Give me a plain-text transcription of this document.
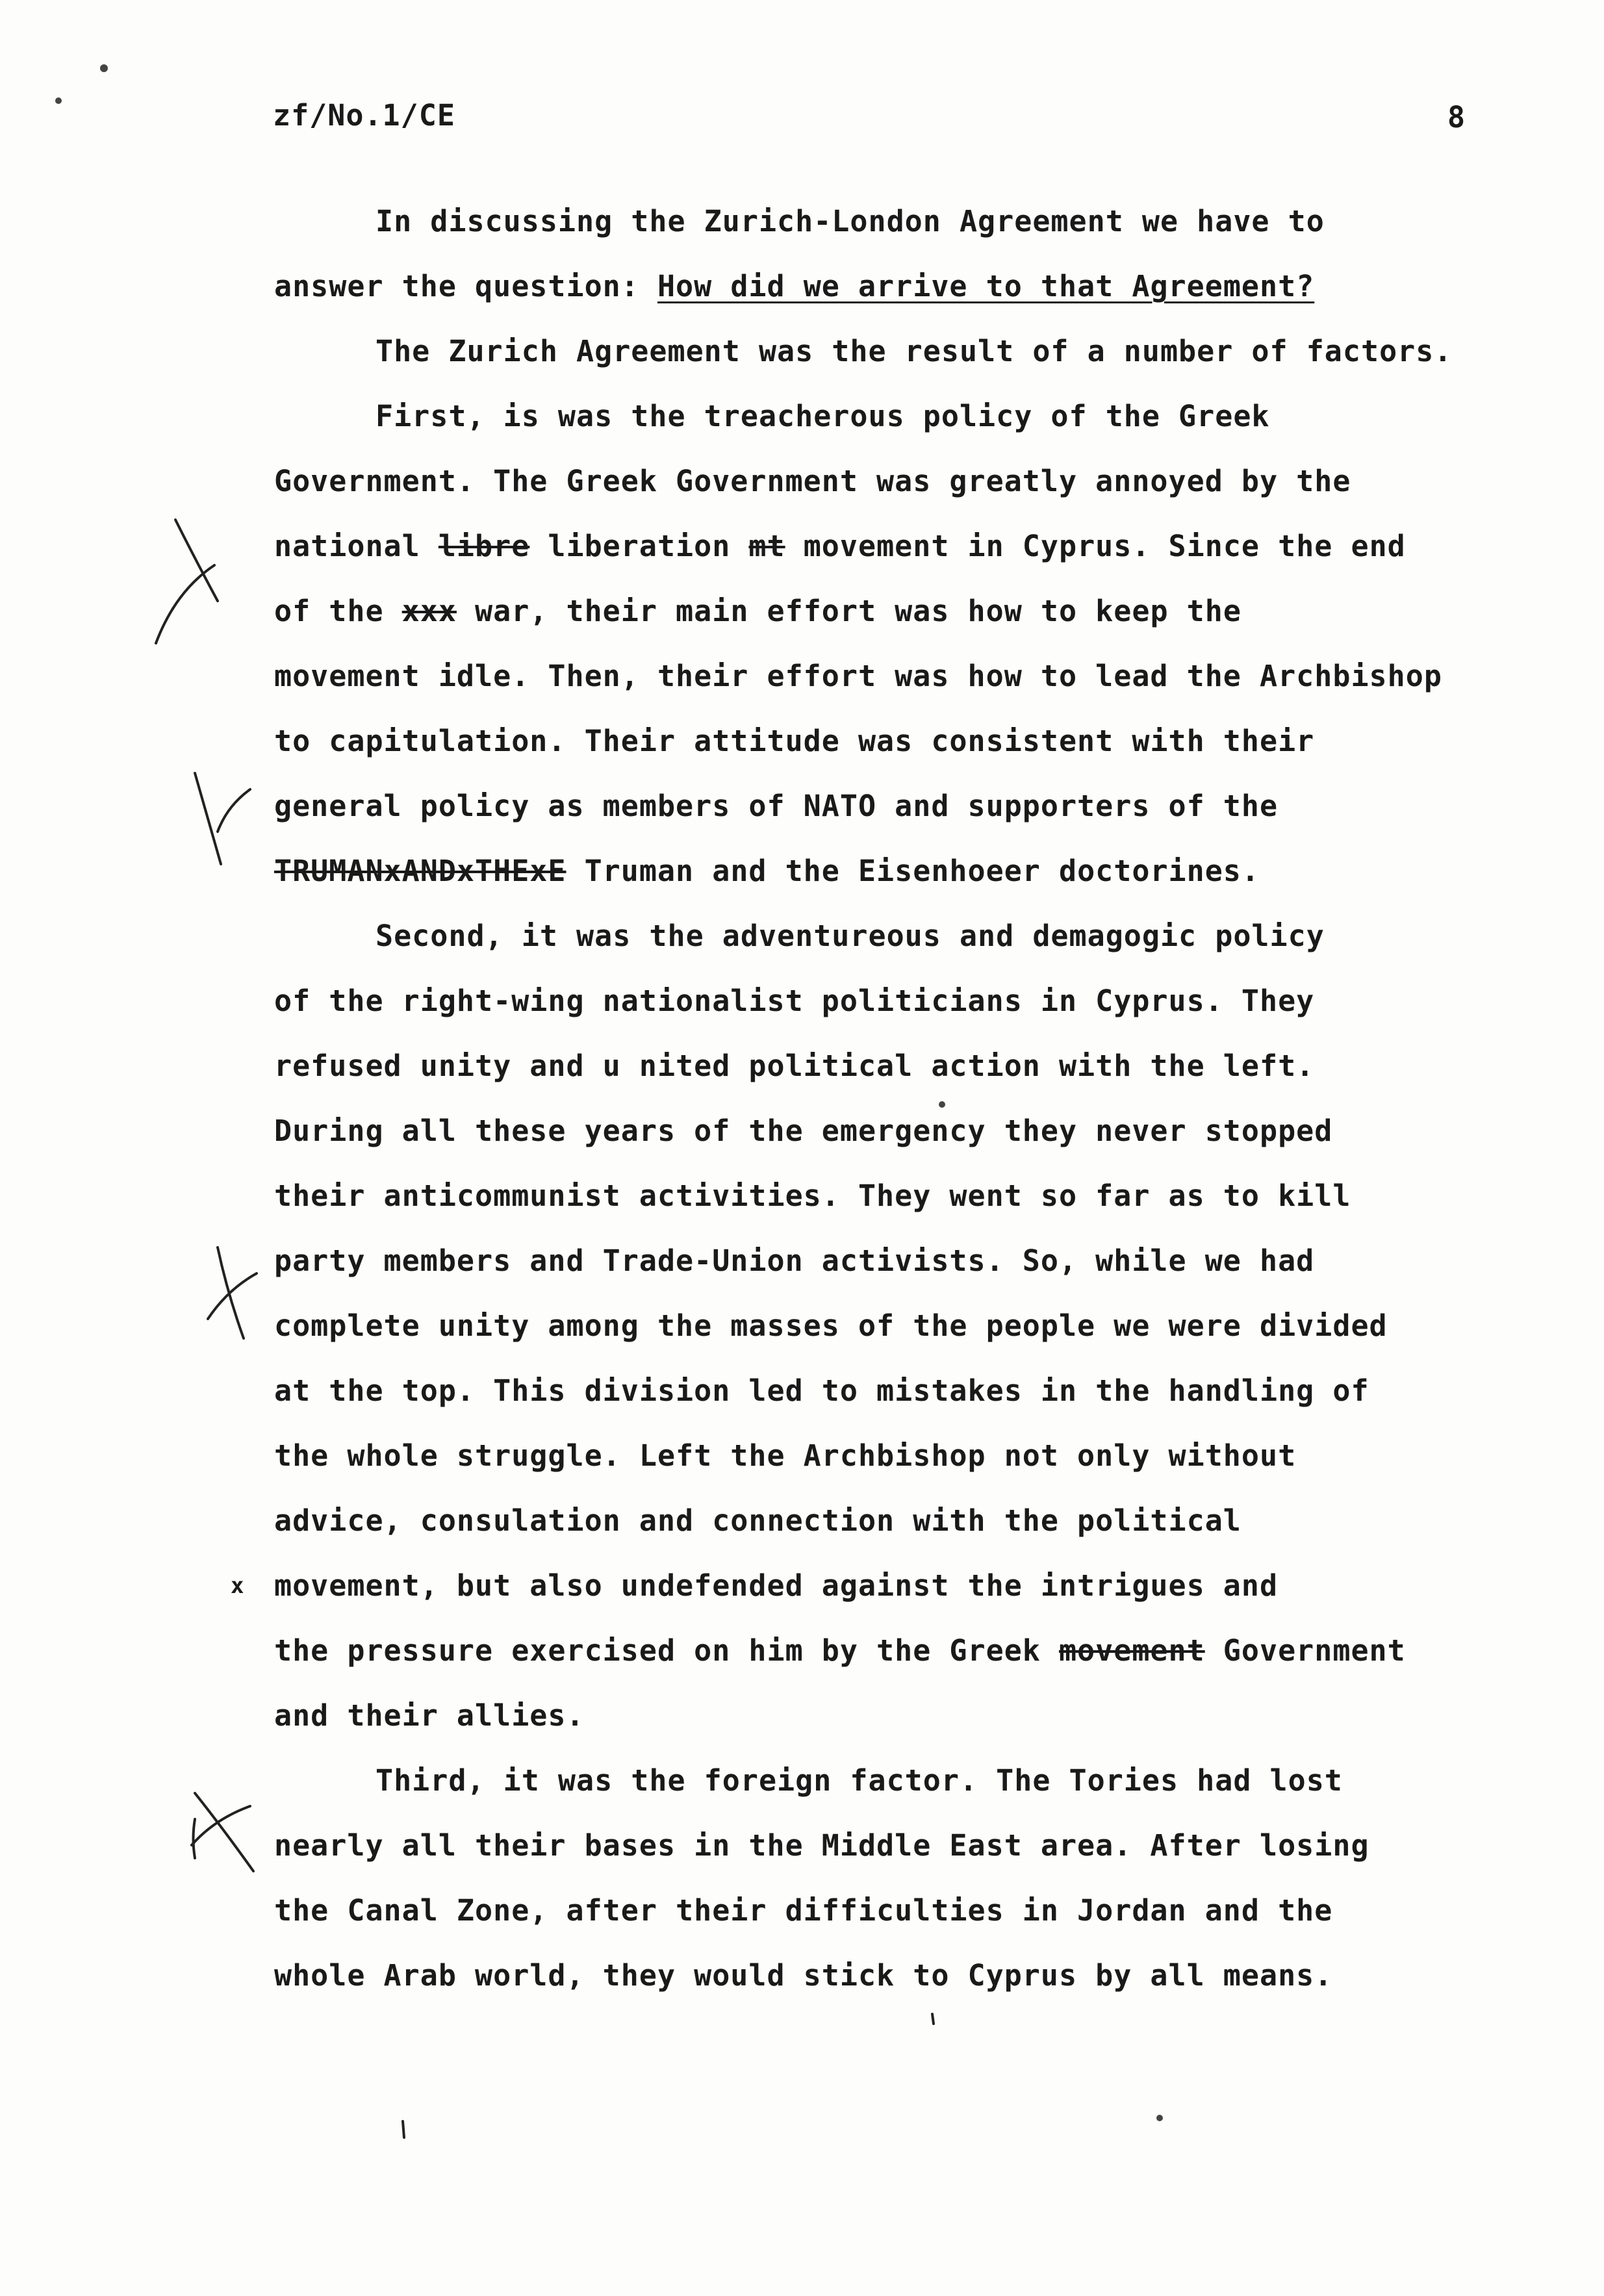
zf/No.1/CE	8
In discussing the Zurich-London Agreement we have to
answer the question: How did we arrive to that Agreement?
The Zurich Agreement was the result of a number of factors.
First, is was the treacherous policy of the Greek
Government. The Greek Government was greatly annoyed by the
national libre liberation mt movement in Cyprus. Since the end
of the xxx war, their main effort was how to keep the
movement idle. Then, their effort was how to lead the Archbishop
to capitulation. Their attitude was consistent with their
general policy as members of NATO and supporters of the
TRUMANxANDxTHExE Truman and the Eisenhoeer doctorines.
Second, it was the adventureous and demagogic policy
of the right-wing nationalist politicians in Cyprus. They
refused unity and u nited political action with the left.
During all these years of the emergency they never stopped
their anticommunist activities. They went so far as to kill
party members and Trade-Union activists. So, while we had
complete unity among the masses of the people we were divided
at the top. This division led to mistakes in the handling of
the whole struggle. Left the Archbishop not only without
advice, consulation and connection with the political
movement, but also undefended against the intrigues and
the pressure exercised on him by the Greek movement Government
and their allies.
Third, it was the foreign factor. The Tories had lost
nearly all their bases in the Middle East area. After losing
the Canal Zone, after their difficulties in Jordan and the
whole Arab world, they would stick to Cyprus by all means.
x
